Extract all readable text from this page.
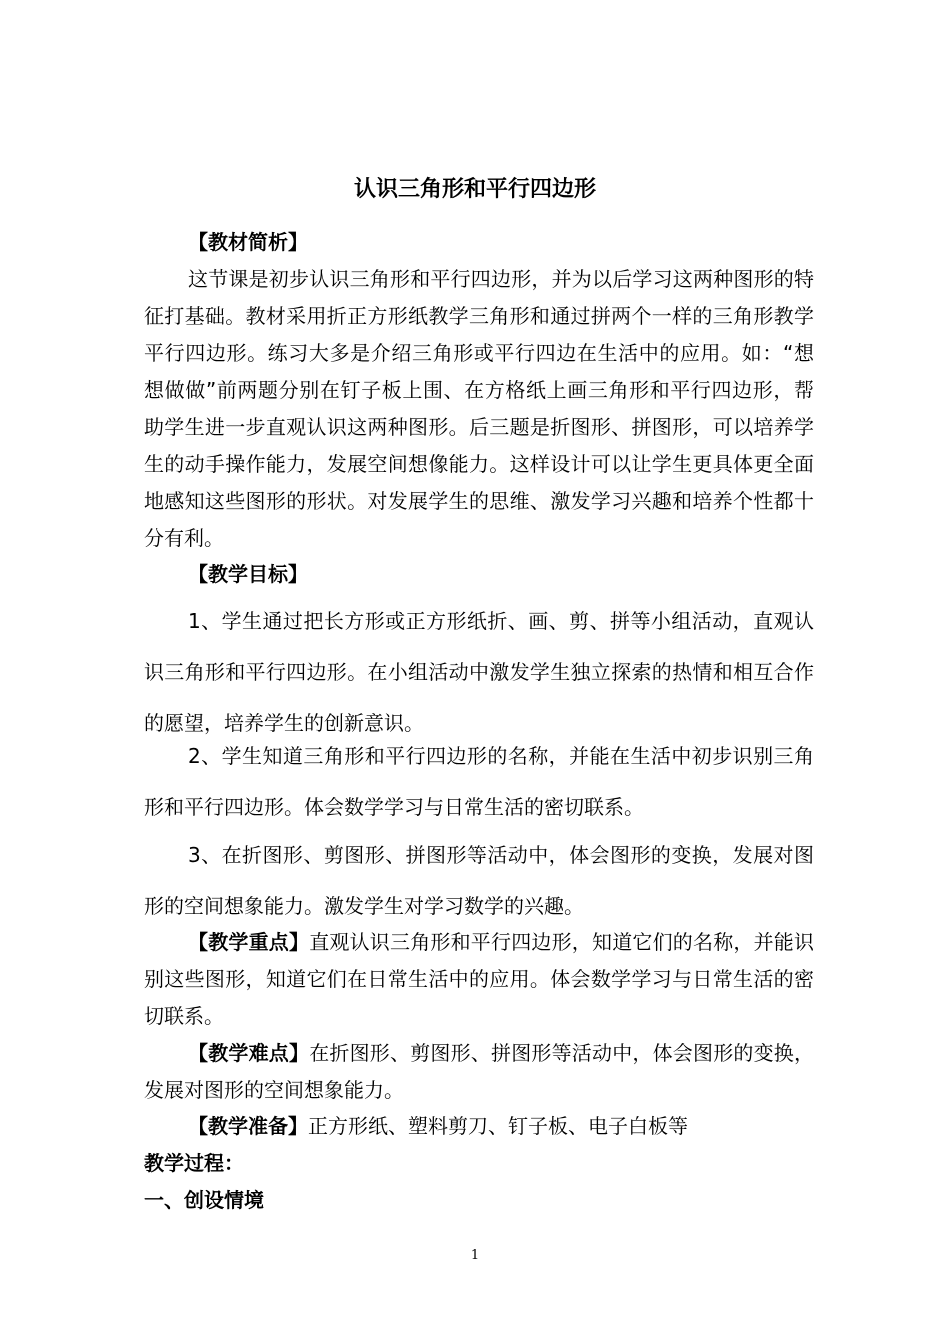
认识三角形和平行四边形
【教材简析】

这节课是初步认识三角形和平行四边形，并为以后学习这两种图形的特征打基础。教材采用折正方形纸教学三角形和通过拼两个一样的三角形教学平行四边形。练习大多是介绍三角形或平行四边在生活中的应用。如：“想想做做”前两题分别在钉子板上围、在方格纸上画三角形和平行四边形，帮助学生进一步直观认识这两种图形。后三题是折图形、拼图形，可以培养学生的动手操作能力，发展空间想像能力。这样设计可以让学生更具体更全面地感知这些图形的形状。对发展学生的思维、激发学习兴趣和培养个性都十分有利。

【教学目标】

1、学生通过把长方形或正方形纸折、画、剪、拼等小组活动，直观认识三角形和平行四边形。在小组活动中激发学生独立探索的热情和相互合作的愿望，培养学生的创新意识。

2、学生知道三角形和平行四边形的名称，并能在生活中初步识别三角形和平行四边形。体会数学学习与日常生活的密切联系。

3、在折图形、剪图形、拼图形等活动中，体会图形的变换，发展对图形的空间想象能力。激发学生对学习数学的兴趣。

【教学重点】直观认识三角形和平行四边形，知道它们的名称，并能识别这些图形，知道它们在日常生活中的应用。体会数学学习与日常生活的密切联系。
【教学难点】在折图形、剪图形、拼图形等活动中，体会图形的变换，发展对图形的空间想象能力。
【教学准备】正方形纸、塑料剪刀、钉子板、电子白板等
教学过程：
一、创设情境
1
